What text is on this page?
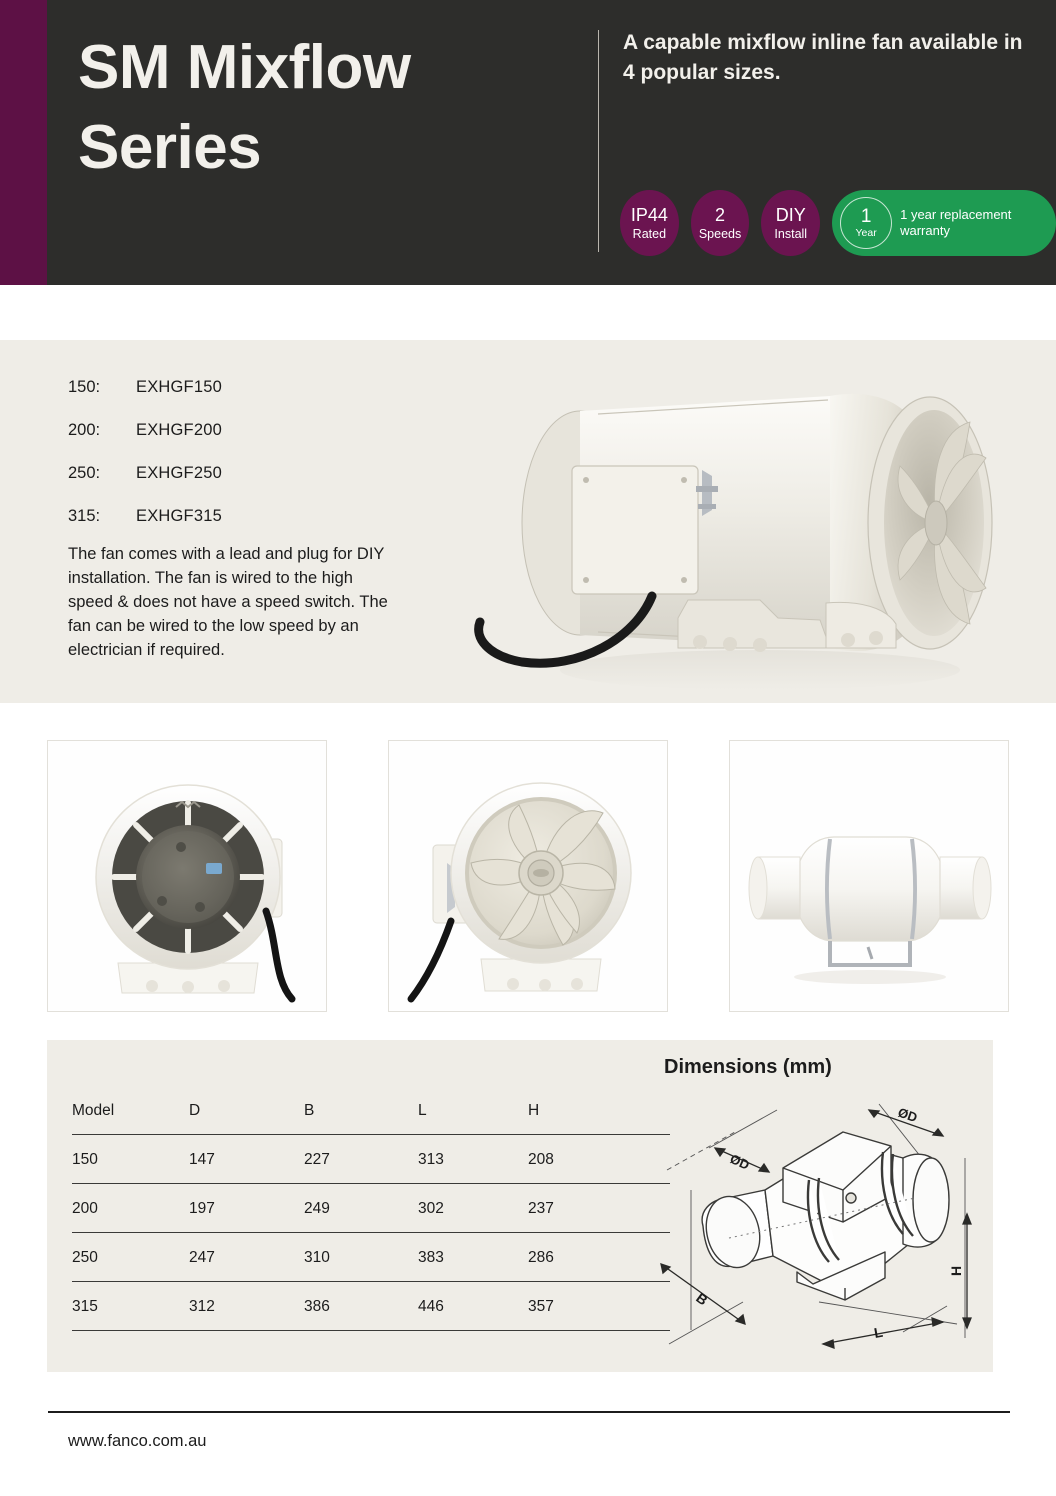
SM Mixflow
Series
A capable mixflow inline fan available in 4 popular sizes.
IP44
Rated
2
Speeds
DIY
Install
1
Year
1 year replacement warranty
150:	EXHGF150
200:	EXHGF200
250:	EXHGF250
315:	EXHGF315
The fan comes with a lead and plug for DIY installation. The fan is wired to the high speed & does not have a speed switch. The fan can be wired to the low speed by an electrician if required.
Model	D	B	L	H
150	147	227	313	208
200	197	249	302	237
250	247	310	383	286
315	312	386	446	357
Dimensions (mm)
ØD
ØD
B
L
H
www.fanco.com.au
